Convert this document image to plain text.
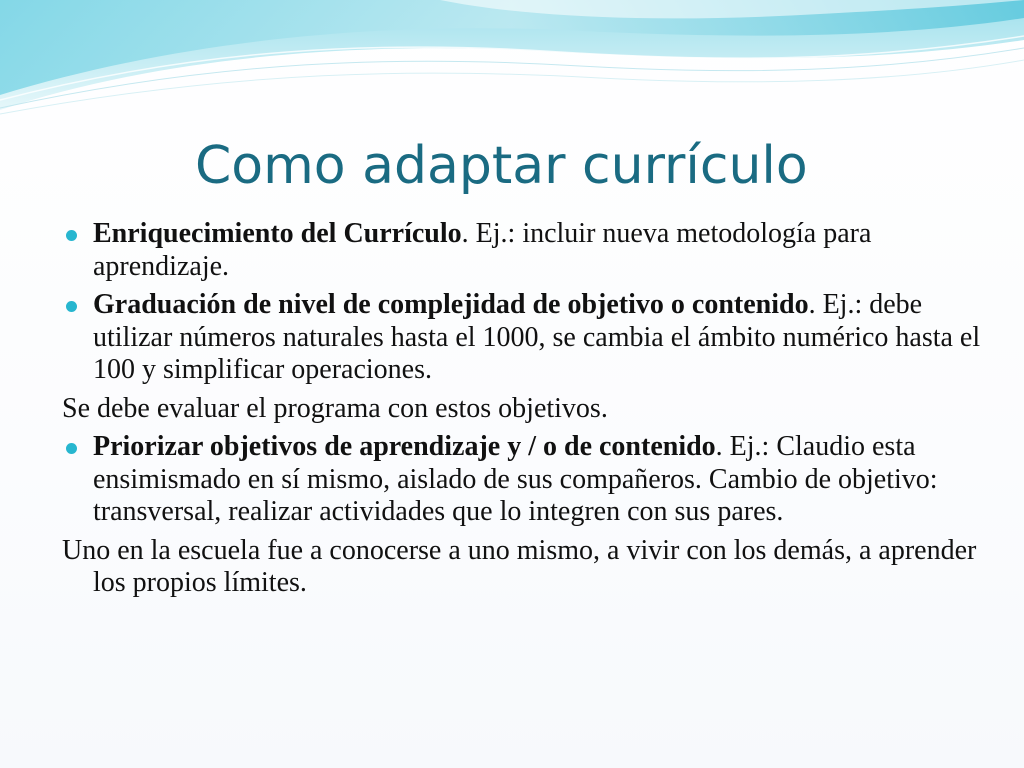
Como adaptar currículo

Enriquecimiento del Currículo. Ej.: incluir nueva metodología para aprendizaje.

Graduación de nivel de complejidad de objetivo o contenido. Ej.: debe utilizar números naturales hasta el 1000, se cambia el ámbito numérico hasta el 100 y simplificar operaciones.

Se debe evaluar el programa con estos objetivos.

Priorizar objetivos de aprendizaje y / o de contenido. Ej.: Claudio esta ensimismado en sí mismo, aislado de sus compañeros. Cambio de objetivo: transversal, realizar actividades que lo integren con sus pares.

Uno en la escuela fue a conocerse a uno mismo, a vivir con los demás, a aprender los propios límites.
